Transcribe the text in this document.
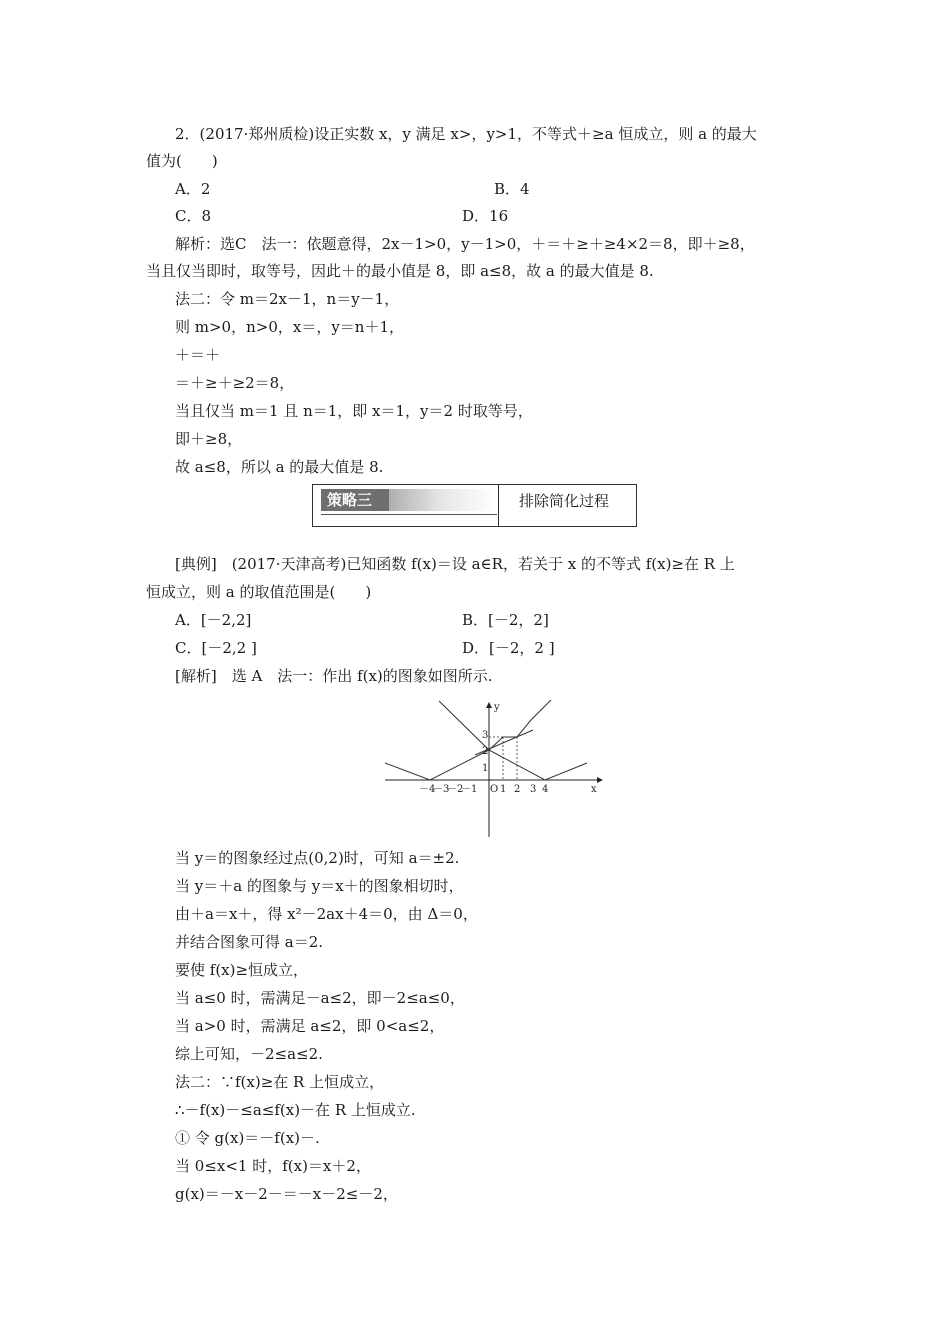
2．(2017·郑州质检)设正实数 x，y 满足 x>，y>1，不等式＋≥a 恒成立，则 a 的最大
值为(　　)
A．2	B．4
C．8	D．16
解析：选C　法一：依题意得，2x－1>0，y－1>0，＋＝＋≥＋≥4×2＝8，即＋≥8，
当且仅当即时，取等号，因此＋的最小值是 8，即 a≤8，故 a 的最大值是 8.
法二：令 m＝2x－1，n＝y－1，
则 m>0，n>0，x＝，y＝n＋1，
＋＝＋
＝＋≥＋≥2＝8，
当且仅当 m＝1 且 n＝1，即 x＝1，y＝2 时取等号，
即＋≥8，
故 a≤8，所以 a 的最大值是 8.
策略三	排除简化过程
[典例]　(2017·天津高考)已知函数 f(x)＝设 a∈R，若关于 x 的不等式 f(x)≥在 R 上
恒成立，则 a 的取值范围是(　　)
A．[－2,2]	B．[－2，2]
C．[－2,2 ]	D．[－2，2 ]
[解析]　选 A　法一：作出 f(x)的图象如图所示.
y
x
3
2
1
O
－4
－3
－2
－1 1 2 3 4
当 y＝的图象经过点(0,2)时，可知 a＝±2.
当 y＝＋a 的图象与 y＝x＋的图象相切时，
由＋a＝x＋，得 x²－2ax＋4＝0，由 Δ＝0，
并结合图象可得 a＝2.
要使 f(x)≥恒成立，
当 a≤0 时，需满足－a≤2，即－2≤a≤0，
当 a>0 时，需满足 a≤2，即 0<a≤2，
综上可知，－2≤a≤2.
法二：∵f(x)≥在 R 上恒成立，
∴－f(x)－≤a≤f(x)－在 R 上恒成立.
① 令 g(x)＝－f(x)－.
当 0≤x<1 时，f(x)＝x＋2，
g(x)＝－x－2－＝－x－2≤－2，
